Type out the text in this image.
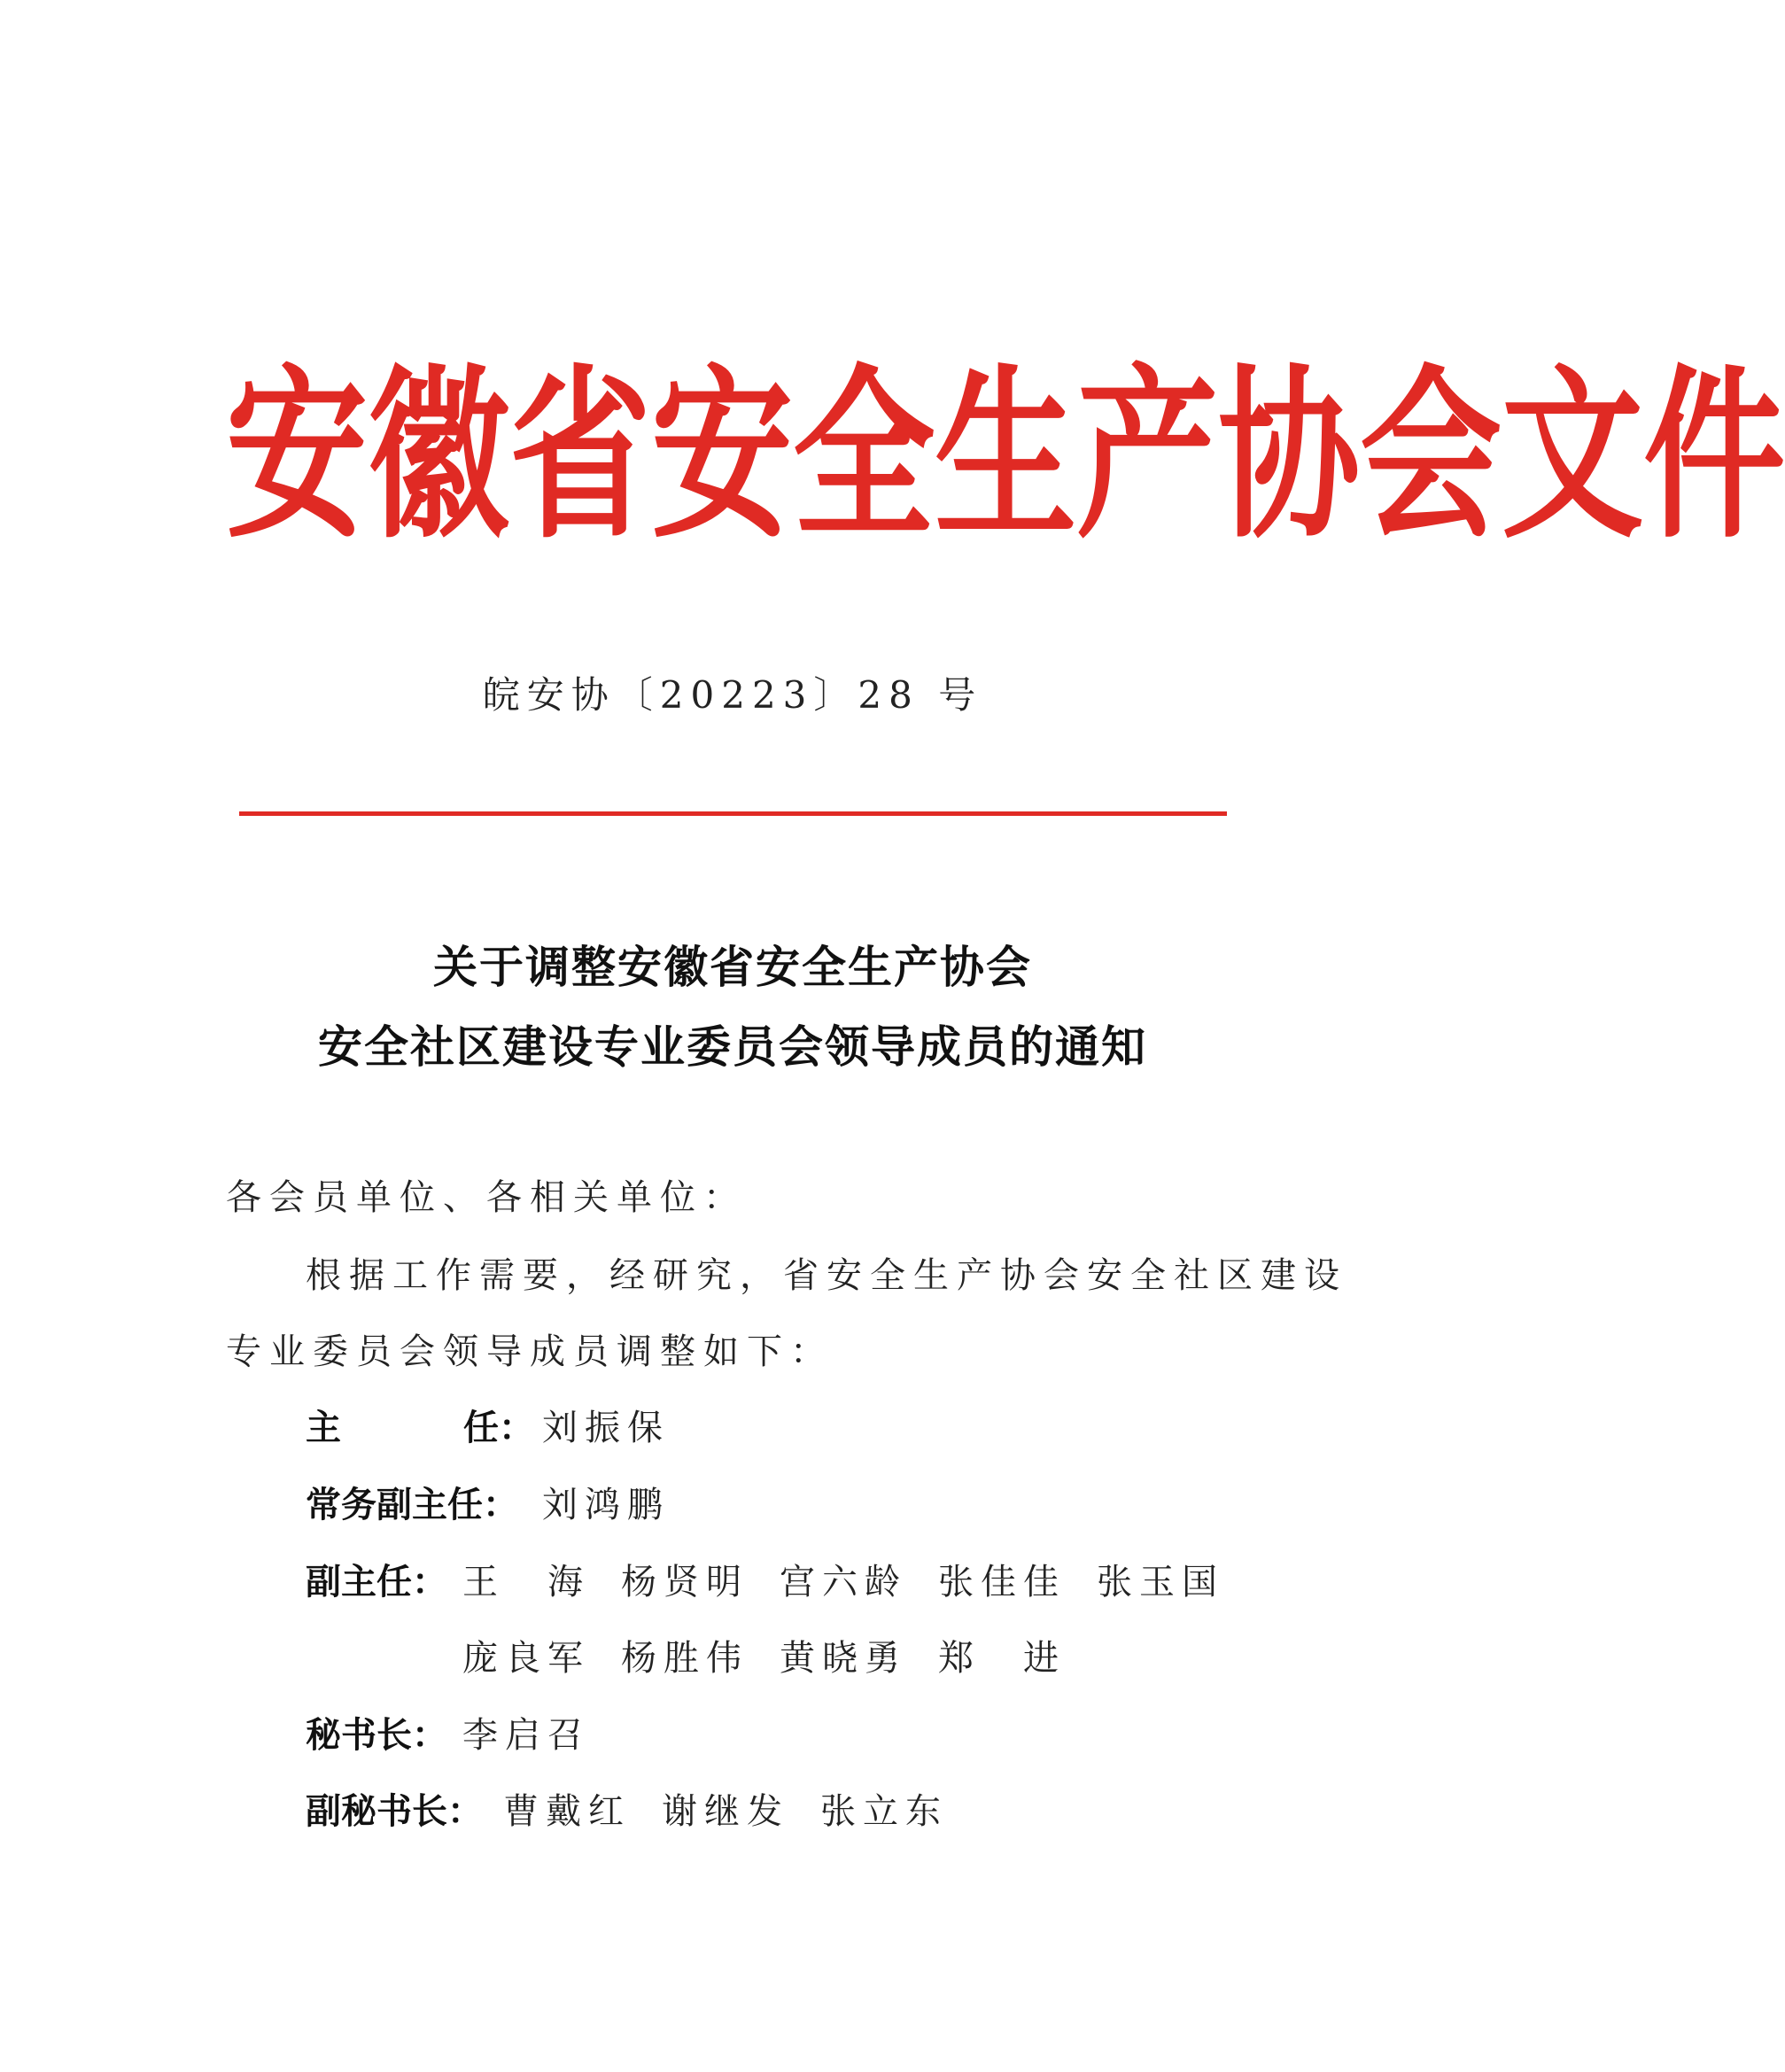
安 徽 省 安 全 生 产 协 会 文 件
皖安协〔20223〕28 号
关于调整安徽省安全生产协会
安全社区建设专业委员会领导成员的通知
各会员单位、各相关单位：
根据工作需要，经研究，省安全生产协会安全社区建设
专业委员会领导成员调整如下：
主	任： 刘振保
常务副主任： 刘鸿鹏
副主任： 王　海 杨贤明 宫六龄 张佳佳 张玉国
庞良军 杨胜伟 黄晓勇 郑　进
秘书长： 李启召
副秘书长： 曹戴红 谢继发 张立东
